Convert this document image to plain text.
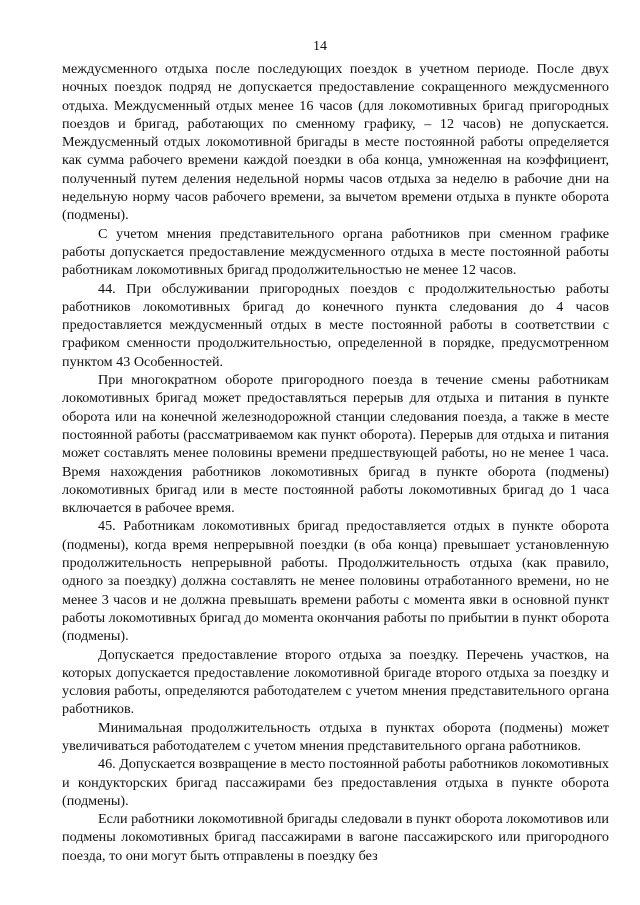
14

междусменного отдыха после последующих поездок в учетном периоде. После двух ночных поездок подряд не допускается предоставление сокращенного междусменного отдыха. Междусменный отдых менее 16 часов (для локомотивных бригад пригородных поездов и бригад, работающих по сменному графику, – 12 часов) не допускается. Междусменный отдых локомотивной бригады в месте постоянной работы определяется как сумма рабочего времени каждой поездки в оба конца, умноженная на коэффициент, полученный путем деления недельной нормы часов отдыха за неделю в рабочие дни на недельную норму часов рабочего времени, за вычетом времени отдыха в пункте оборота (подмены).

С учетом мнения представительного органа работников при сменном графике работы допускается предоставление междусменного отдыха в месте постоянной работы работникам локомотивных бригад продолжительностью не менее 12 часов.

44. При обслуживании пригородных поездов с продолжительностью работы работников локомотивных бригад до конечного пункта следования до 4 часов предоставляется междусменный отдых в месте постоянной работы в соответствии с графиком сменности продолжительностью, определенной в порядке, предусмотренном пунктом 43 Особенностей.

При многократном обороте пригородного поезда в течение смены работникам локомотивных бригад может предоставляться перерыв для отдыха и питания в пункте оборота или на конечной железнодорожной станции следования поезда, а также в месте постоянной работы (рассматриваемом как пункт оборота). Перерыв для отдыха и питания может составлять менее половины времени предшествующей работы, но не менее 1 часа. Время нахождения работников локомотивных бригад в пункте оборота (подмены) локомотивных бригад или в месте постоянной работы локомотивных бригад до 1 часа включается в рабочее время.

45. Работникам локомотивных бригад предоставляется отдых в пункте оборота (подмены), когда время непрерывной поездки (в оба конца) превышает установленную продолжительность непрерывной работы. Продолжительность отдыха (как правило, одного за поездку) должна составлять не менее половины отработанного времени, но не менее 3 часов и не должна превышать времени работы с момента явки в основной пункт работы локомотивных бригад до момента окончания работы по прибытии в пункт оборота (подмены).

Допускается предоставление второго отдыха за поездку. Перечень участков, на которых допускается предоставление локомотивной бригаде второго отдыха за поездку и условия работы, определяются работодателем с учетом мнения представительного органа работников.

Минимальная продолжительность отдыха в пунктах оборота (подмены) может увеличиваться работодателем с учетом мнения представительного органа работников.

46. Допускается возвращение в место постоянной работы работников локомотивных и кондукторских бригад пассажирами без предоставления отдыха в пункте оборота (подмены).

Если работники локомотивной бригады следовали в пункт оборота локомотивов или подмены локомотивных бригад пассажирами в вагоне пассажирского или пригородного поезда, то они могут быть отправлены в поездку без
